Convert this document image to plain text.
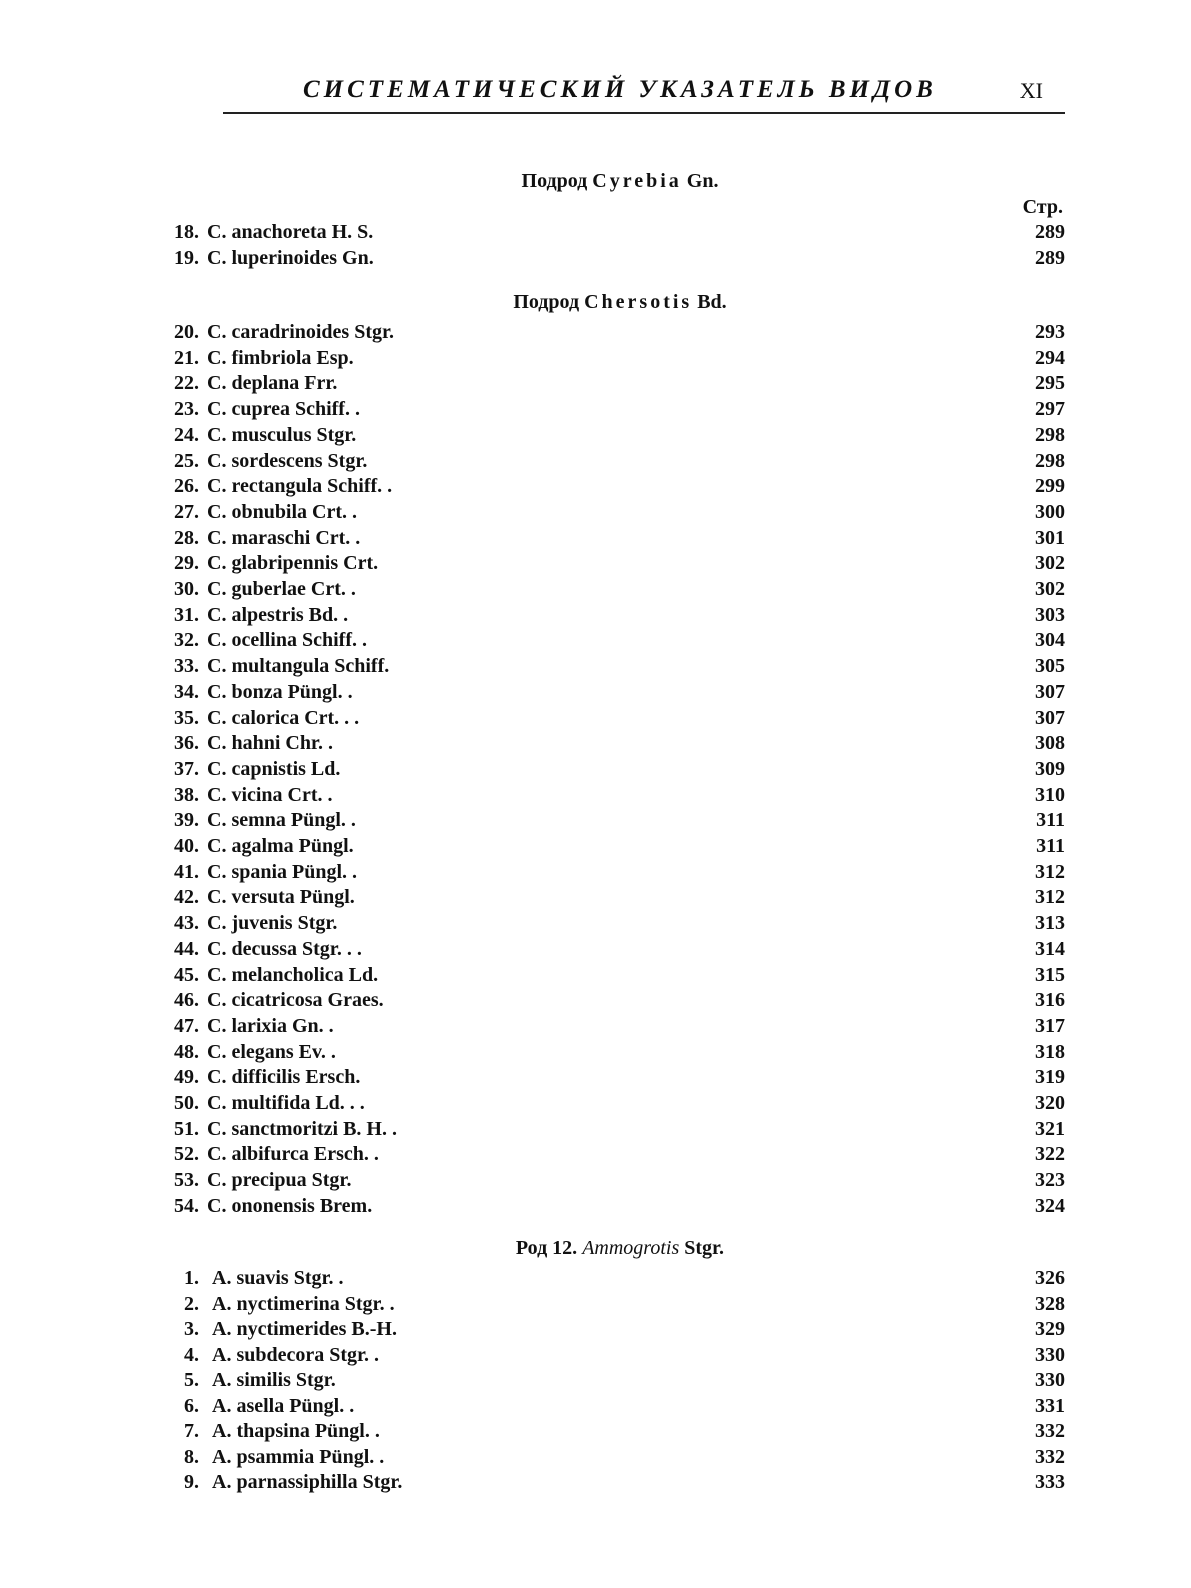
СИСТЕМАТИЧЕСКИЙ УКАЗАТЕЛЬ ВИДОВ	XI
Подрод Cyrebia Gn.
Стр.
18. C. anachoreta H. S.	289
19. C. luperinoides Gn.	289
Подрод Chersotis Bd.
20. C. caradrinoides Stgr.	293
21. C. fimbriola Esp.	294
22. C. deplana Frr.	295
23. C. cuprea Schiff. .	297
24. C. musculus Stgr.	298
25. C. sordescens Stgr.	298
26. C. rectangula Schiff. .	299
27. C. obnubila Crt. .	300
28. C. maraschi Crt. .	301
29. C. glabripennis Crt.	302
30. C. guberlae Crt. .	302
31. C. alpestris Bd. .	303
32. C. ocellina Schiff. .	304
33. C. multangula Schiff.	305
34. C. bonza Püngl. .	307
35. C. calorica Crt. . .	307
36. C. hahni Chr. .	308
37. C. capnistis Ld.	309
38. C. vicina Crt. .	310
39. C. semna Püngl. .	311
40. C. agalma Püngl.	311
41. C. spania Püngl. .	312
42. C. versuta Püngl.	312
43. C. juvenis Stgr.	313
44. C. decussa Stgr. . .	314
45. C. melancholica Ld.	315
46. C. cicatricosa Graes.	316
47. C. larixia Gn. .	317
48. C. elegans Ev. .	318
49. C. difficilis Ersch.	319
50. C. multifida Ld. . .	320
51. C. sanctmoritzi B. H. .	321
52. C. albifurca Ersch. .	322
53. C. precipua Stgr.	323
54. C. ononensis Brem.	324
Род 12. Ammogrotis Stgr.
1. A. suavis Stgr. .	326
2. A. nyctimerina Stgr. .	328
3. A. nyctimerides B.-H.	329
4. A. subdecora Stgr. .	330
5. A. similis Stgr.	330
6. A. asella Püngl. .	331
7. A. thapsina Püngl. .	332
8. A. psammia Püngl. .	332
9. A. parnassiphilla Stgr.	333
